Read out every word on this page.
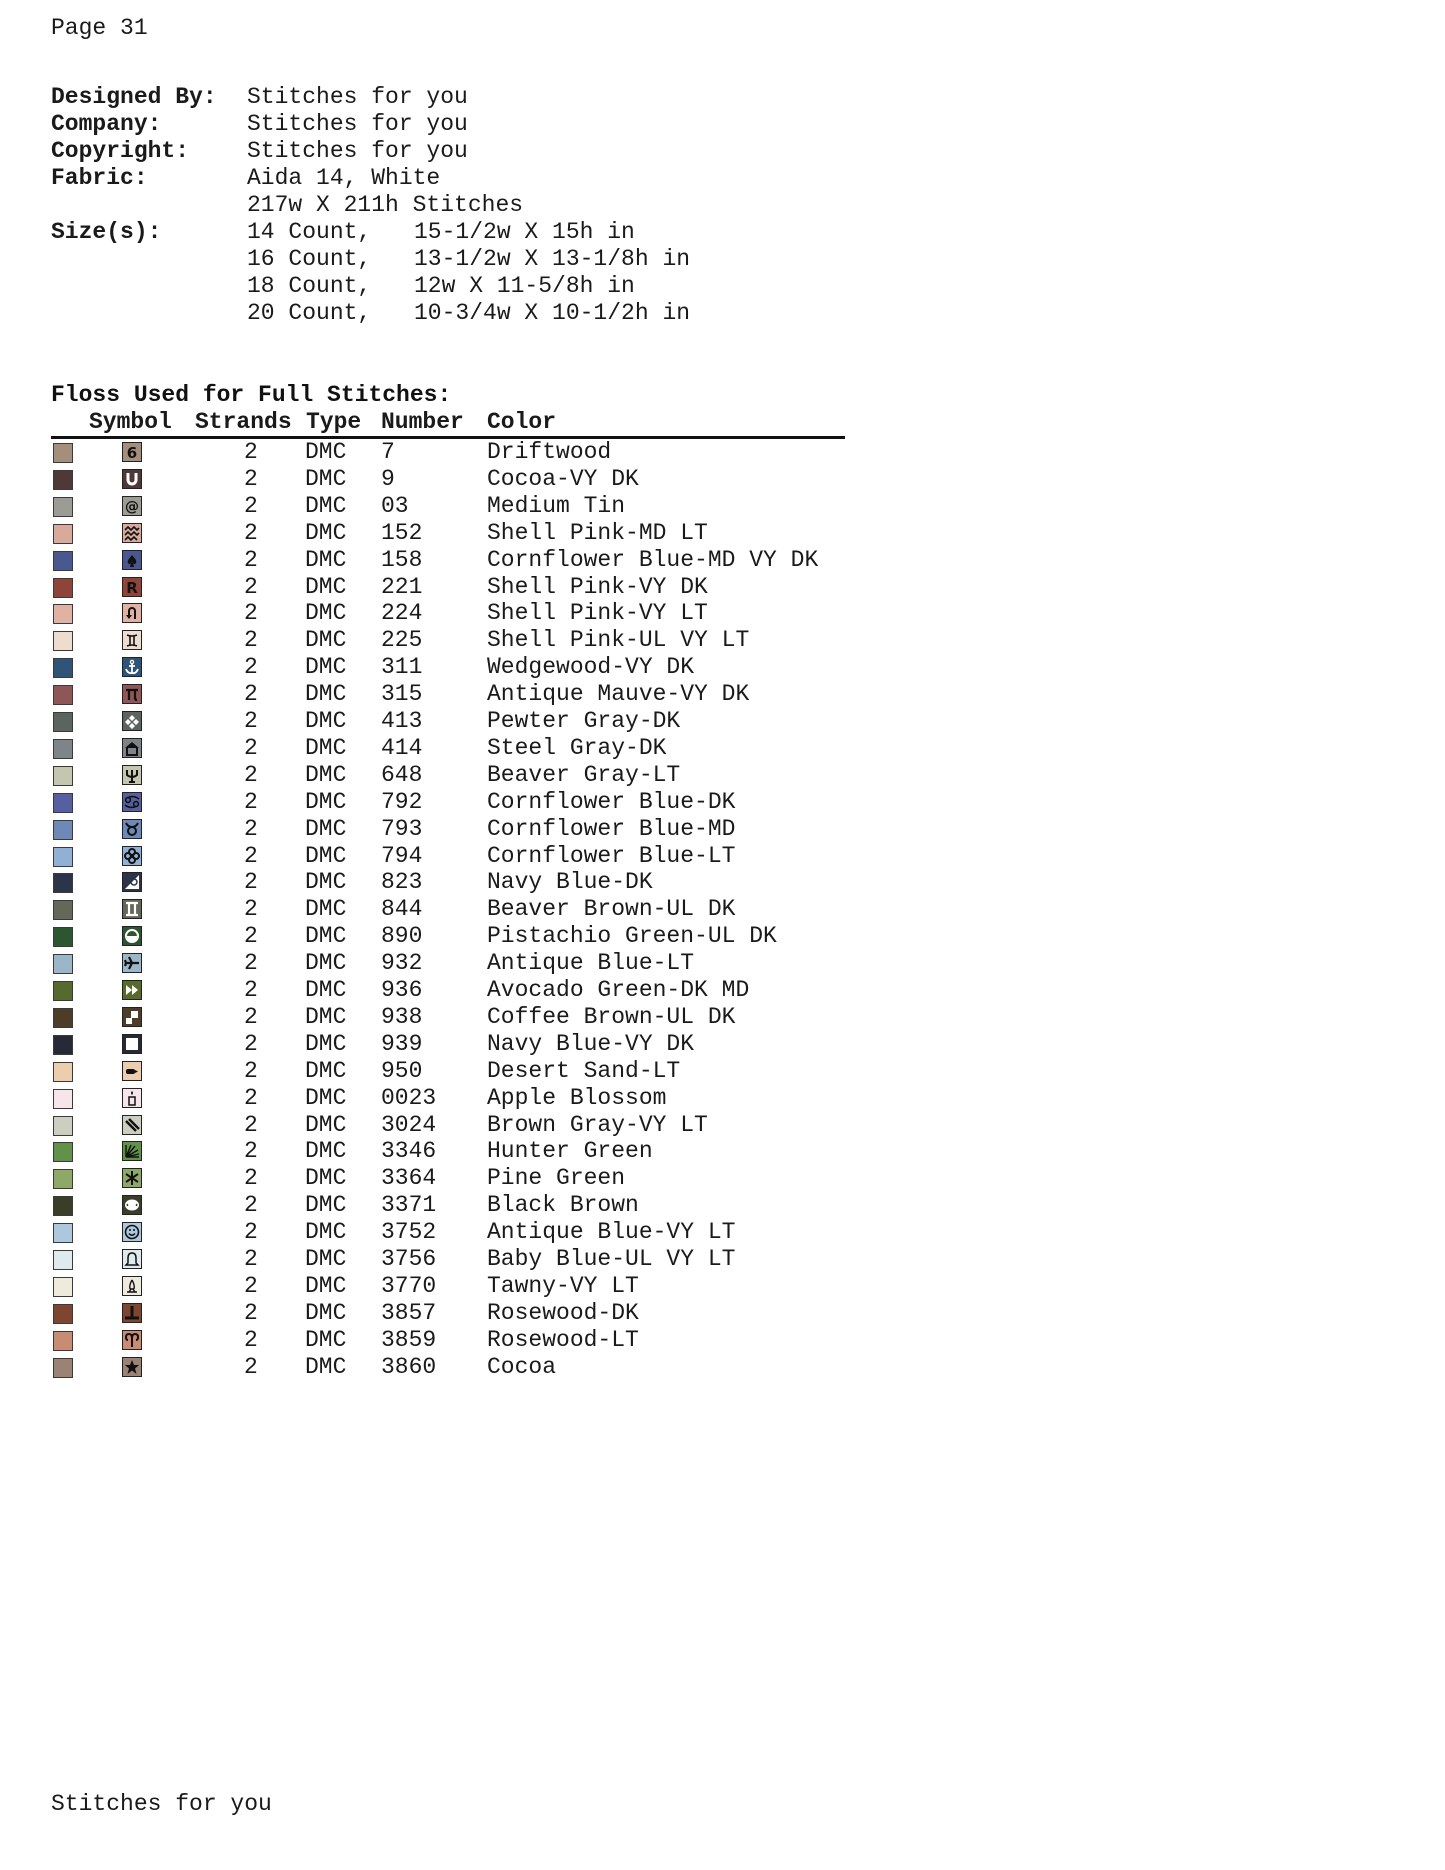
Page 31
Designed By: Stitches for you
Company:	Stitches for you
Copyright:	Stitches for you
Fabric:	Aida 14, White
217w X 211h Stitches
Size(s):	14 Count, 15-1/2w X 15h in
16 Count, 13-1/2w X 13-1/8h in
18 Count, 12w X 11-5/8h in
20 Count, 10-3/4w X 10-1/2h in
Floss Used for Full Stitches:
Symbol Strands Type Number Color
6	2 DMC 7	Driftwood
2 DMC 9	Cocoa-VY DK
@	2 DMC 03	Medium Tin
2 DMC 152	Shell Pink-MD LT
2 DMC 158	Cornflower Blue-MD VY DK
R	2 DMC 221	Shell Pink-VY DK
2 DMC 224	Shell Pink-VY LT
2 DMC 225	Shell Pink-UL VY LT
2 DMC 311	Wedgewood-VY DK
2 DMC 315	Antique Mauve-VY DK
2 DMC 413	Pewter Gray-DK
2 DMC 414	Steel Gray-DK
2 DMC 648	Beaver Gray-LT
2 DMC 792	Cornflower Blue-DK
2 DMC 793	Cornflower Blue-MD
2 DMC 794	Cornflower Blue-LT
2 DMC 823	Navy Blue-DK
2 DMC 844	Beaver Brown-UL DK
2 DMC 890	Pistachio Green-UL DK
2 DMC 932	Antique Blue-LT
2 DMC 936	Avocado Green-DK MD
2 DMC 938	Coffee Brown-UL DK
2 DMC 939	Navy Blue-VY DK
2 DMC 950	Desert Sand-LT
2 DMC 0023 Apple Blossom
2 DMC 3024 Brown Gray-VY LT
2 DMC 3346 Hunter Green
2 DMC 3364 Pine Green
2 DMC 3371 Black Brown
2 DMC 3752 Antique Blue-VY LT
2 DMC 3756 Baby Blue-UL VY LT
2 DMC 3770 Tawny-VY LT
2 DMC 3857 Rosewood-DK
2 DMC 3859 Rosewood-LT
2 DMC 3860 Cocoa
Stitches for you
